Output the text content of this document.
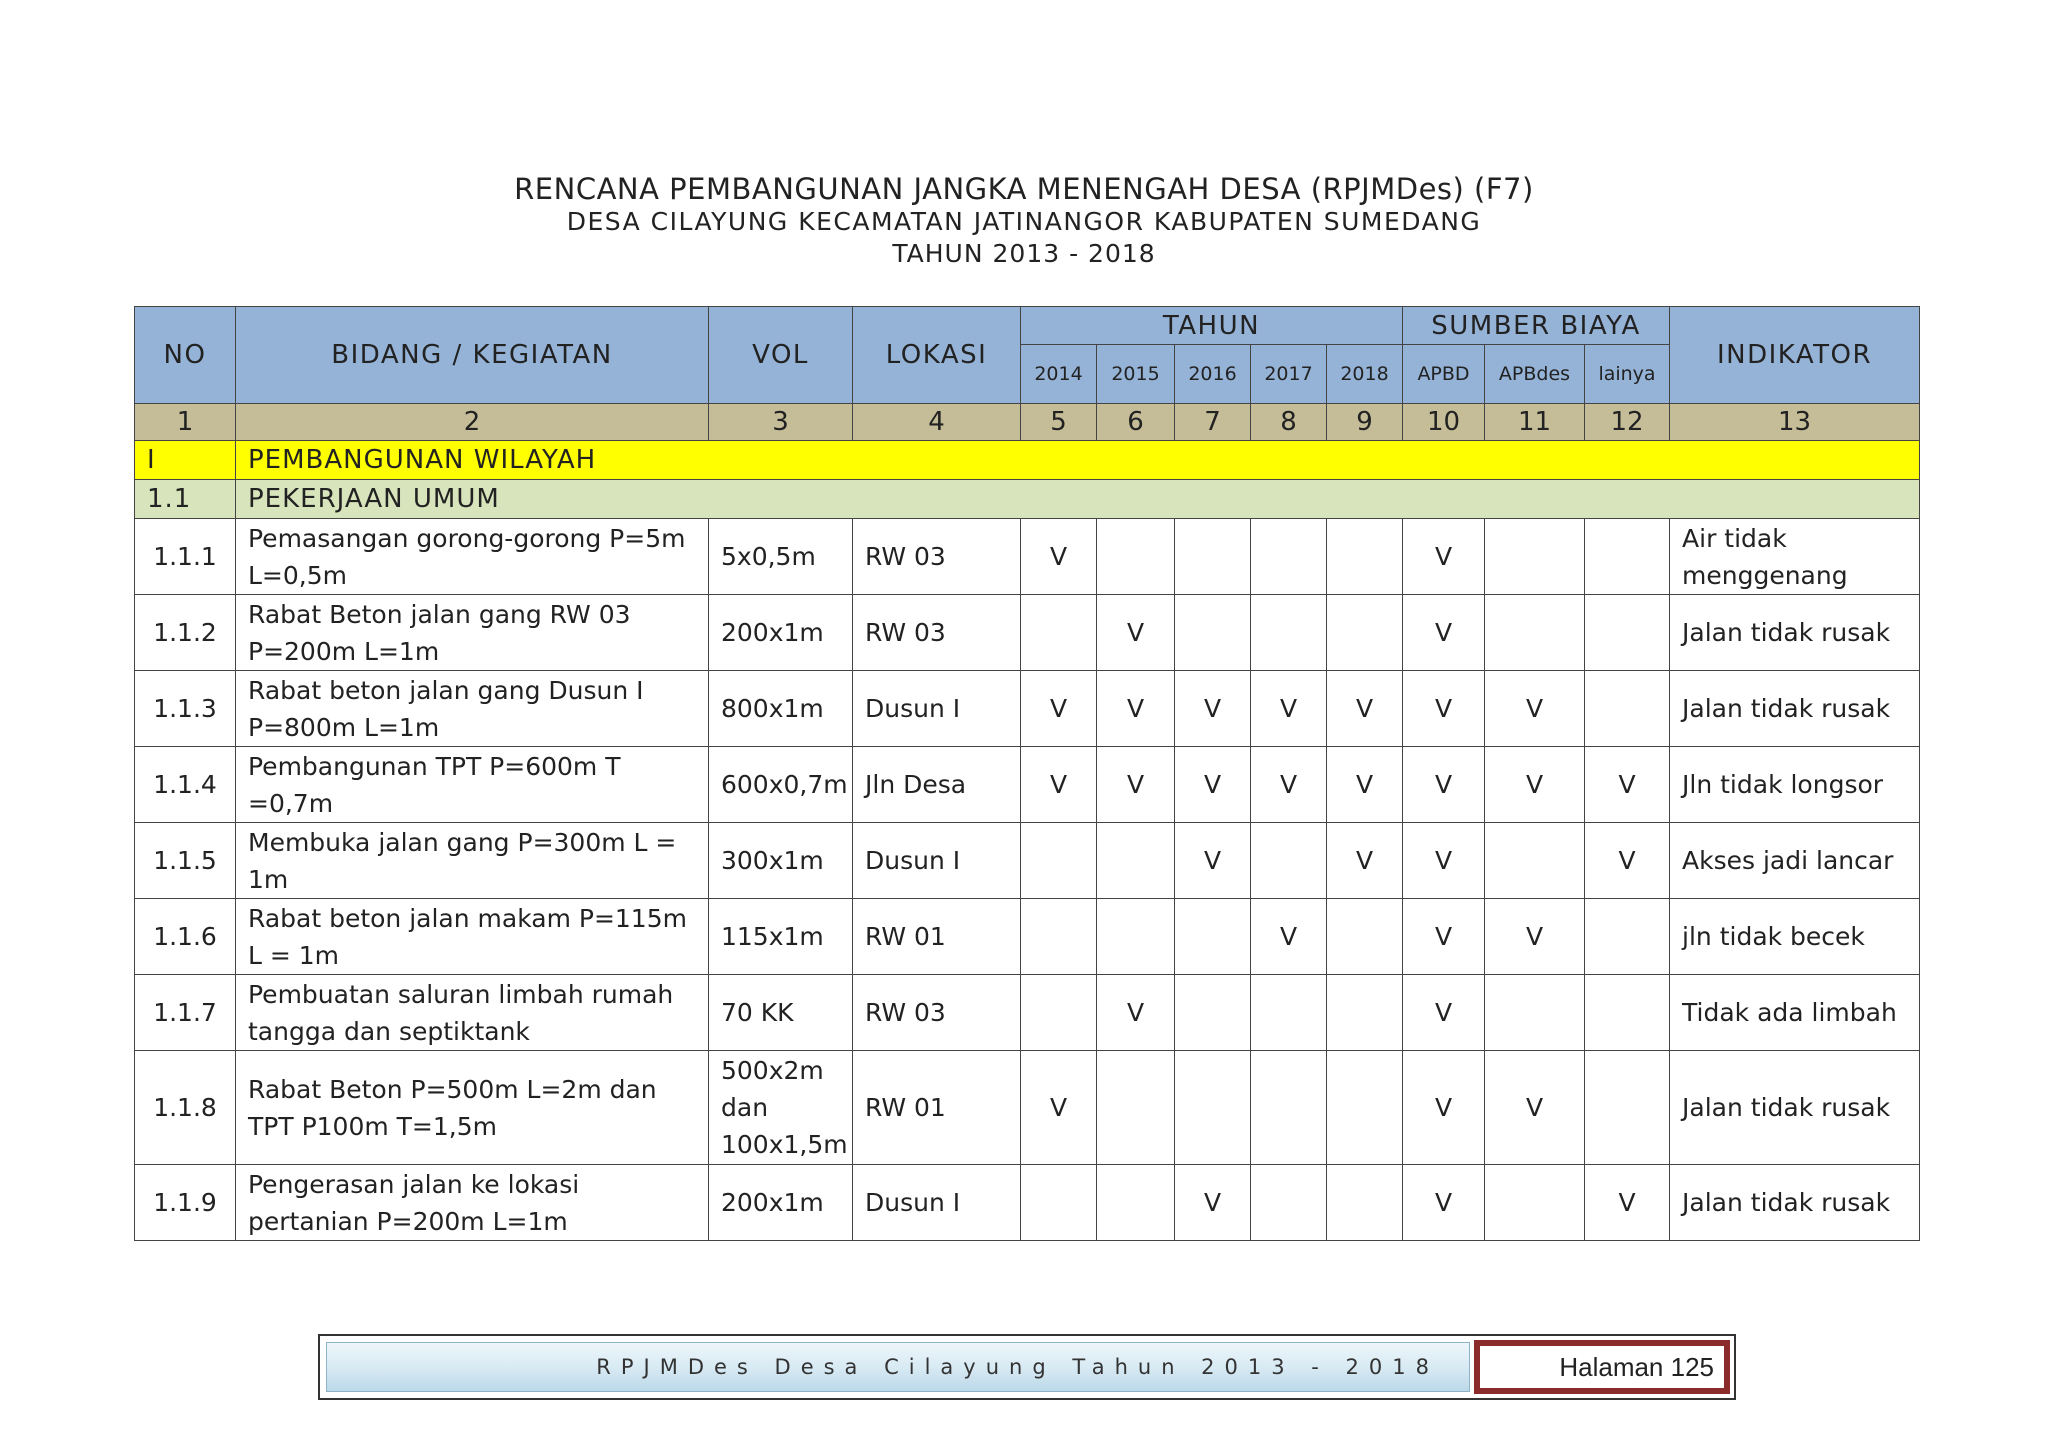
RENCANA PEMBANGUNAN JANGKA MENENGAH DESA (RPJMDes) (F7)
DESA CILAYUNG KECAMATAN JATINANGOR KABUPATEN SUMEDANG
TAHUN 2013 - 2018
NO	BIDANG / KEGIATAN	VOL	LOKASI	TAHUN					SUMBER BIAYA			INDIKATOR
				2014	2015	2016	2017	2018	APBD	APBdes	lainya	
1	2	3	4	5	6	7	8	9	10	11	12	13
I	PEMBANGUNAN WILAYAH											
1.1	PEKERJAAN UMUM											
1.1.1	Pemasangan gorong-gorong P=5m L=0,5m	5x0,5m	RW 03	V					V			Air tidak menggenang
1.1.2	Rabat Beton jalan gang RW 03 P=200m L=1m	200x1m	RW 03		V				V			Jalan tidak rusak
1.1.3	Rabat beton jalan gang Dusun I P=800m L=1m	800x1m	Dusun I	V	V	V	V	V	V	V		Jalan tidak rusak
1.1.4	Pembangunan TPT P=600m T =0,7m	600x0,7m	Jln Desa	V	V	V	V	V	V	V	V	Jln tidak longsor
1.1.5	Membuka jalan gang P=300m L = 1m	300x1m	Dusun I			V		V	V		V	Akses jadi lancar
1.1.6	Rabat beton jalan makam P=115m L = 1m	115x1m	RW 01				V		V	V		jln tidak becek
1.1.7	Pembuatan saluran limbah rumah tangga dan septiktank	70 KK	RW 03		V				V			Tidak ada limbah
1.1.8	Rabat Beton P=500m L=2m dan TPT P100m T=1,5m	500x2m dan 100x1,5m	RW 01	V					V	V		Jalan tidak rusak
1.1.9	Pengerasan jalan ke lokasi pertanian P=200m L=1m	200x1m	Dusun I			V			V		V	Jalan tidak rusak
RPJMDes Desa Cilayung Tahun 2013 - 2018	Halaman 125
